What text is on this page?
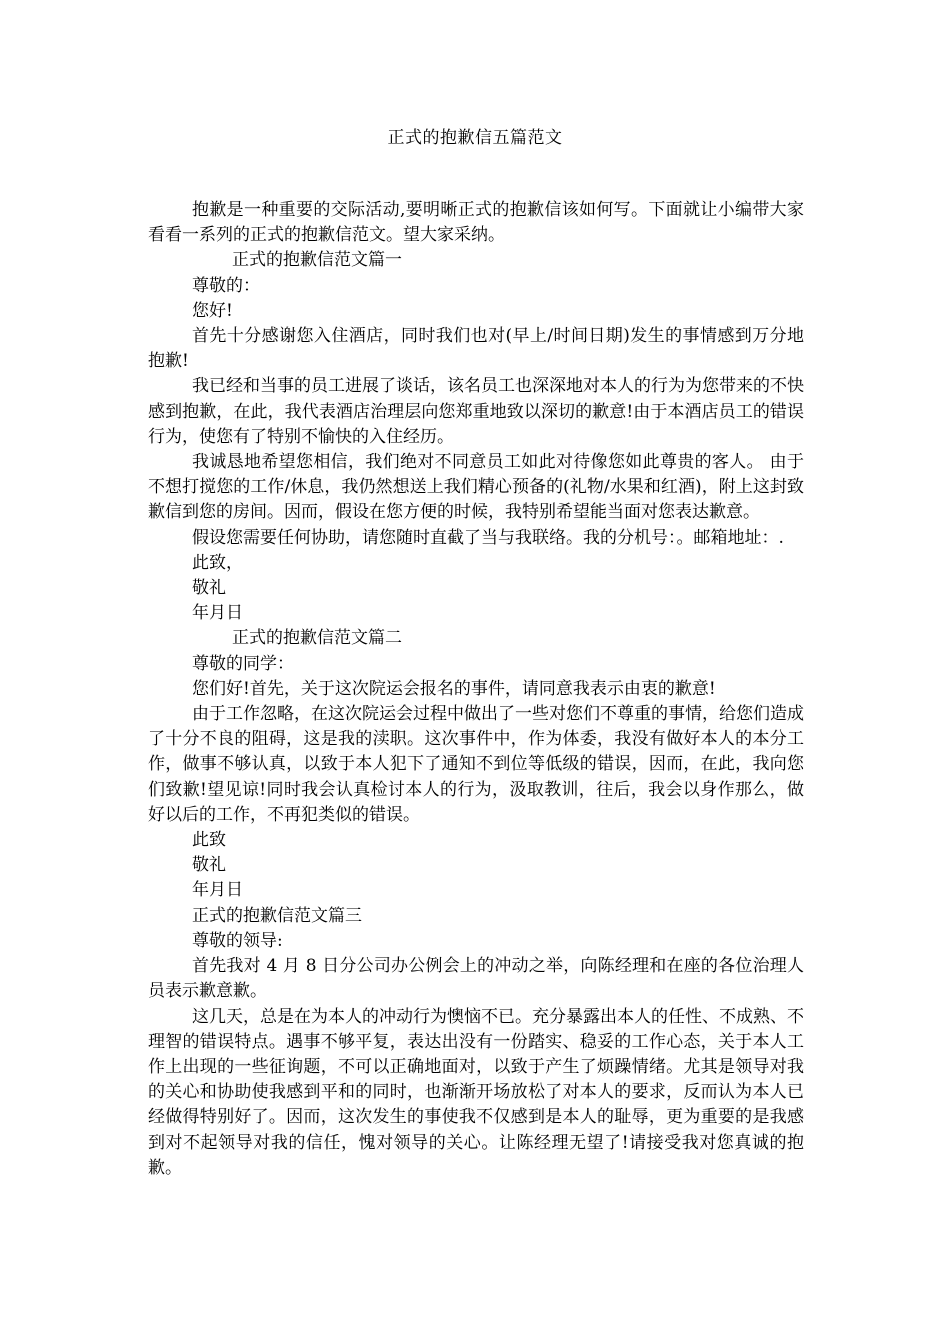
正式的抱歉信五篇范文

抱歉是一种重要的交际活动,要明晰正式的抱歉信该如何写。下面就让小编带大家看看一系列的正式的抱歉信范文。望大家采纳。

正式的抱歉信范文篇一

尊敬的：

您好!

首先十分感谢您入住酒店，同时我们也对(早上/时间日期)发生的事情感到万分地抱歉!

我已经和当事的员工进展了谈话，该名员工也深深地对本人的行为为您带来的不快感到抱歉，在此，我代表酒店治理层向您郑重地致以深切的歉意!由于本酒店员工的错误行为，使您有了特别不愉快的入住经历。

我诚恳地希望您相信，我们绝对不同意员工如此对待像您如此尊贵的客人。 由于不想打搅您的工作/休息，我仍然想送上我们精心预备的(礼物/水果和红酒)，附上这封致歉信到您的房间。因而，假设在您方便的时候，我特别希望能当面对您表达歉意。

假设您需要任何协助，请您随时直截了当与我联络。我的分机号：。邮箱地址：.

此致，

敬礼

年月日

正式的抱歉信范文篇二

尊敬的同学：

您们好!首先，关于这次院运会报名的事件，请同意我表示由衷的歉意!

由于工作忽略，在这次院运会过程中做出了一些对您们不尊重的事情，给您们造成了十分不良的阻碍，这是我的渎职。这次事件中，作为体委，我没有做好本人的本分工作，做事不够认真，以致于本人犯下了通知不到位等低级的错误，因而，在此，我向您们致歉!望见谅!同时我会认真检讨本人的行为，汲取教训，往后，我会以身作那么，做好以后的工作，不再犯类似的错误。

此致

敬礼

年月日

正式的抱歉信范文篇三

尊敬的领导:

首先我对 4 月 8 日分公司办公例会上的冲动之举，向陈经理和在座的各位治理人员表示歉意歉。

这几天，总是在为本人的冲动行为懊恼不已。充分暴露出本人的任性、不成熟、不理智的错误特点。遇事不够平复，表达出没有一份踏实、稳妥的工作心态，关于本人工作上出现的一些征询题，不可以正确地面对，以致于产生了烦躁情绪。尤其是领导对我的关心和协助使我感到平和的同时，也渐渐开场放松了对本人的要求，反而认为本人已经做得特别好了。因而，这次发生的事使我不仅感到是本人的耻辱，更为重要的是我感到对不起领导对我的信任，愧对领导的关心。让陈经理无望了!请接受我对您真诚的抱歉。
